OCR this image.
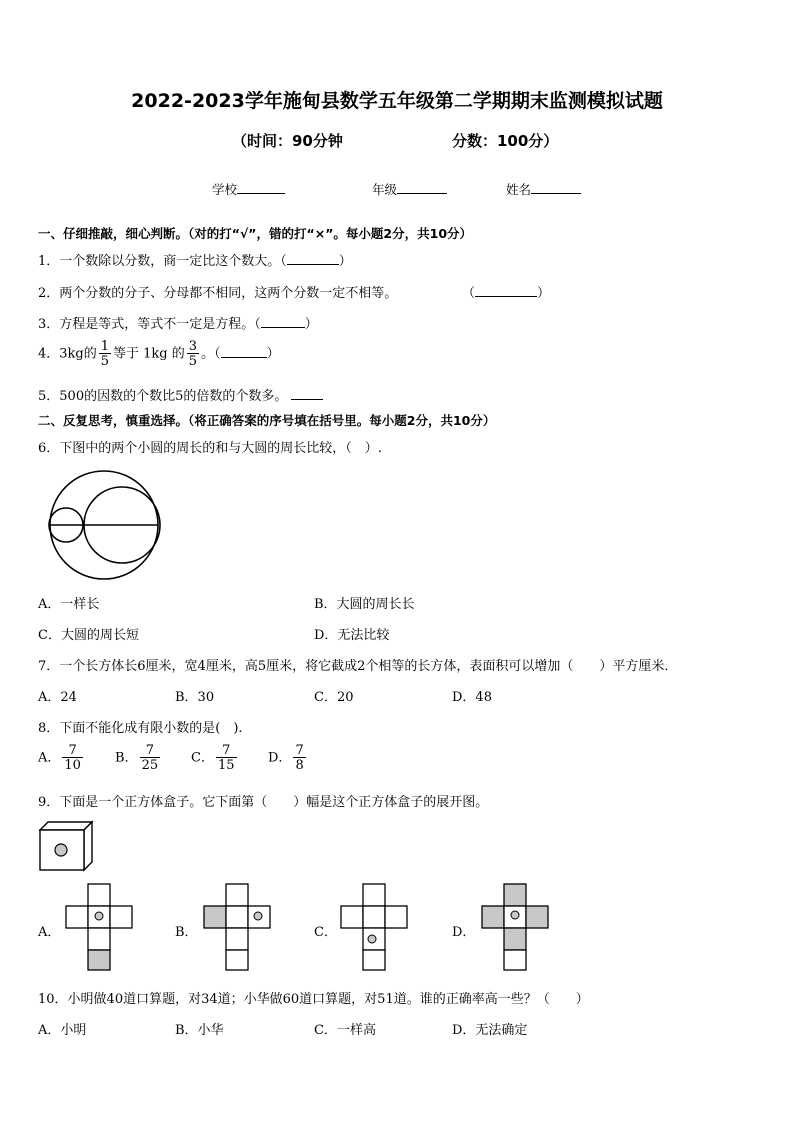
2022-2023学年施甸县数学五年级第二学期期末监测模拟试题
（时间：90分钟	分数：100分）
学校	年级	姓名
一、仔细推敲，细心判断。（对的打“√”，错的打“×”。每小题2分，共10分）
1．一个数除以分数，商一定比这个数大。（	）
2．两个分数的分子、分母都不相同，这两个分数一定不相等。	（	）
3．方程是等式，等式不一定是方程。（	）
4．3kg的 $\frac{1}{5}$ 等于 1kg 的 $\frac{3}{5}$ 。（	）
5．500的因数的个数比5的倍数的个数多。
二、反复思考，慎重选择。（将正确答案的序号填在括号里。每小题2分，共10分）
6．下图中的两个小圆的周长的和与大圆的周长比较，（　）.
A．一样长	B．大圆的周长长
C．大圆的周长短	D．无法比较
7．一个长方体长6厘米，宽4厘米，高5厘米，将它截成2个相等的长方体，表面积可以增加（　　）平方厘米．
A．24	B．30	C．20	D．48
8．下面不能化成有限小数的是(　).
A． $\frac{7}{10}$ B． $\frac{7}{25}$ C． $\frac{7}{15}$ D． $\frac{7}{8}$
9．下面是一个正方体盒子。它下面第（　　）幅是这个正方体盒子的展开图。
A．	B．	C．	D．
10．小明做40道口算题，对34道；小华做60道口算题，对51道。谁的正确率高一些？（　　）
A．小明	B．小华	C．一样高	D．无法确定
